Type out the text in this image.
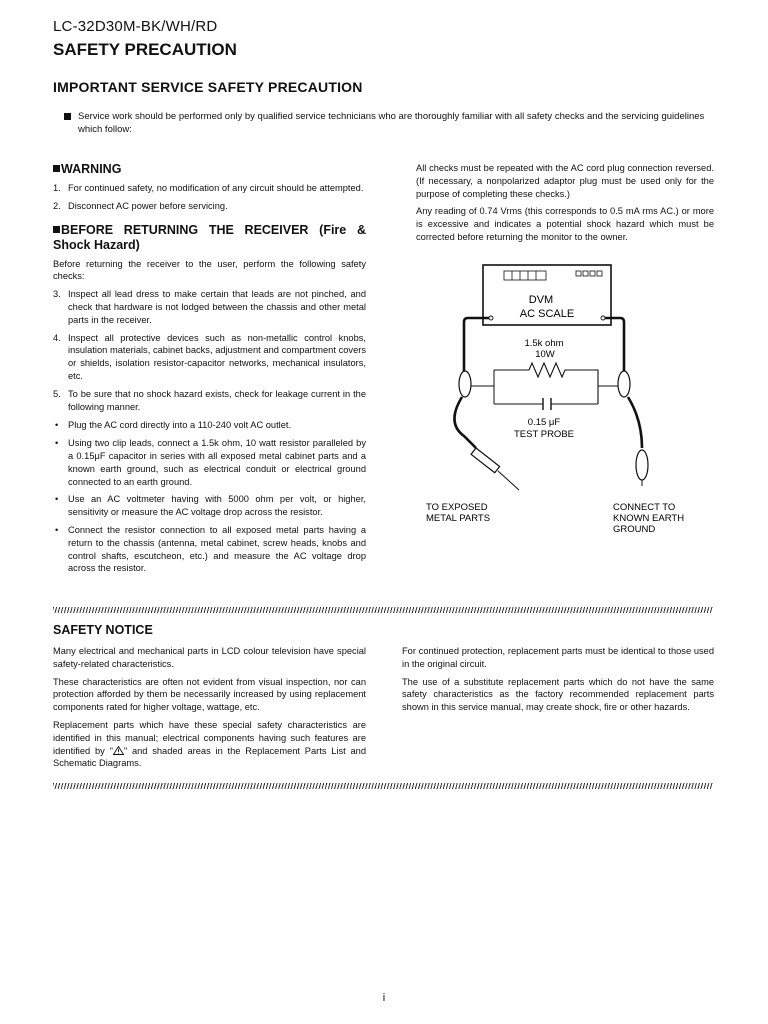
LC-32D30M-BK/WH/RD
SAFETY PRECAUTION
IMPORTANT SERVICE SAFETY PRECAUTION

Service work should be performed only by qualified service technicians who are thoroughly familiar with all safety checks and the servicing guidelines which follow:

WARNING
1. For continued safety, no modification of any circuit should be attempted.
2. Disconnect AC power before servicing.
BEFORE RETURNING THE RECEIVER (Fire & Shock Hazard)

Before returning the receiver to the user, perform the following safety checks:

3. Inspect all lead dress to make certain that leads are not pinched, and check that hardware is not lodged between the chassis and other metal parts in the receiver.
4. Inspect all protective devices such as non-metallic control knobs, insulation materials, cabinet backs, adjustment and compartment covers or shields, isolation resistor-capacitor networks, mechanical insulators, etc.
5. To be sure that no shock hazard exists, check for leakage current in the following manner.
• Plug the AC cord directly into a 110-240 volt AC outlet.
• Using two clip leads, connect a 1.5k ohm, 10 watt resistor paralleled by a 0.15μF capacitor in series with all exposed metal cabinet parts and a known earth ground, such as electrical conduit or electrical ground connected to an earth ground.
• Use an AC voltmeter having with 5000 ohm per volt, or higher, sensitivity or measure the AC voltage drop across the resistor.
• Connect the resistor connection to all exposed metal parts having a return to the chassis (antenna, metal cabinet, screw heads, knobs and control shafts, escutcheon, etc.) and measure the AC voltage drop across the resistor.

All checks must be repeated with the AC cord plug connection reversed. (If necessary, a nonpolarized adaptor plug must be used only for the purpose of completing these checks.)

Any reading of 0.74 Vrms (this corresponds to 0.5 mA rms AC.) or more is excessive and indicates a potential shock hazard which must be corrected before returning the monitor to the owner.

DVM
AC SCALE
1.5k ohm
10W
0.15 μF
TEST PROBE
TO EXPOSED
METAL PARTS
CONNECT TO
KNOWN EARTH
GROUND
SAFETY NOTICE

Many electrical and mechanical parts in LCD colour television have special safety-related characteristics.

These characteristics are often not evident from visual inspection, nor can protection afforded by them be necessarily increased by using replacement components rated for higher voltage, wattage, etc.

Replacement parts which have these special safety characteristics are identified in this manual; electrical components having such features are identified by " " and shaded areas in the Replacement Parts List and Schematic Diagrams.

For continued protection, replacement parts must be identical to those used in the original circuit.

The use of a substitute replacement parts which do not have the same safety characteristics as the factory recommended replacement parts shown in this service manual, may create shock, fire or other hazards.

i
